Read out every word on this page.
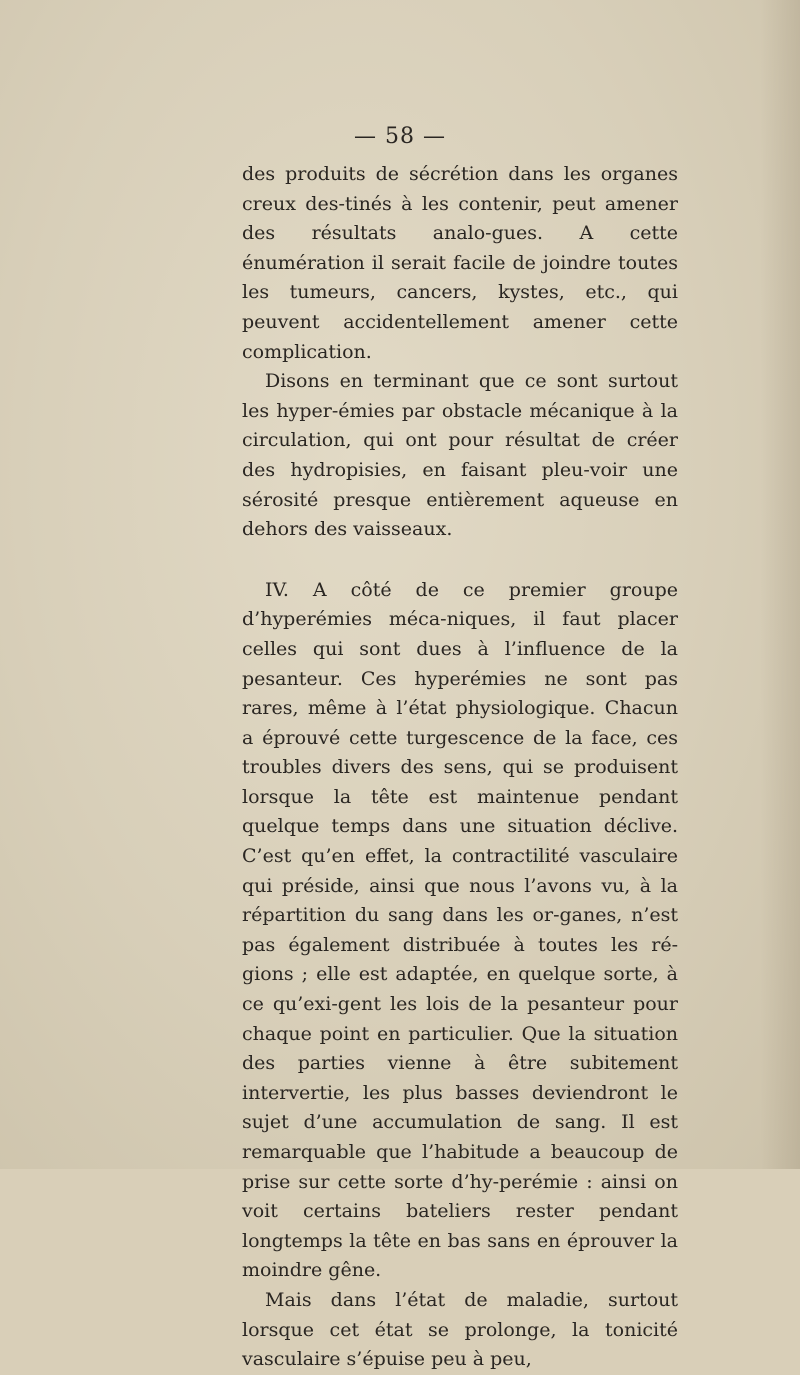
— 58 —

des produits de sécrétion dans les organes creux des-tinés à les contenir, peut amener des résultats analo-gues. A cette énumération il serait facile de joindre toutes les tumeurs, cancers, kystes, etc., qui peuvent accidentellement amener cette complication.

Disons en terminant que ce sont surtout les hyper-émies par obstacle mécanique à la circulation, qui ont pour résultat de créer des hydropisies, en faisant pleu-voir une sérosité presque entièrement aqueuse en dehors des vaisseaux.

IV. A côté de ce premier groupe d’hyperémies méca-niques, il faut placer celles qui sont dues à l’influence de la pesanteur. Ces hyperémies ne sont pas rares, même à l’état physiologique. Chacun a éprouvé cette turgescence de la face, ces troubles divers des sens, qui se produisent lorsque la tête est maintenue pendant quelque temps dans une situation déclive. C’est qu’en effet, la contractilité vasculaire qui préside, ainsi que nous l’avons vu, à la répartition du sang dans les or-ganes, n’est pas également distribuée à toutes les ré-gions ; elle est adaptée, en quelque sorte, à ce qu’exi-gent les lois de la pesanteur pour chaque point en particulier. Que la situation des parties vienne à être subitement intervertie, les plus basses deviendront le sujet d’une accumulation de sang. Il est remarquable que l’habitude a beaucoup de prise sur cette sorte d’hy-perémie : ainsi on voit certains bateliers rester pendant longtemps la tête en bas sans en éprouver la moindre gêne.

Mais dans l’état de maladie, surtout lorsque cet état se prolonge, la tonicité vasculaire s’épuise peu à peu,
